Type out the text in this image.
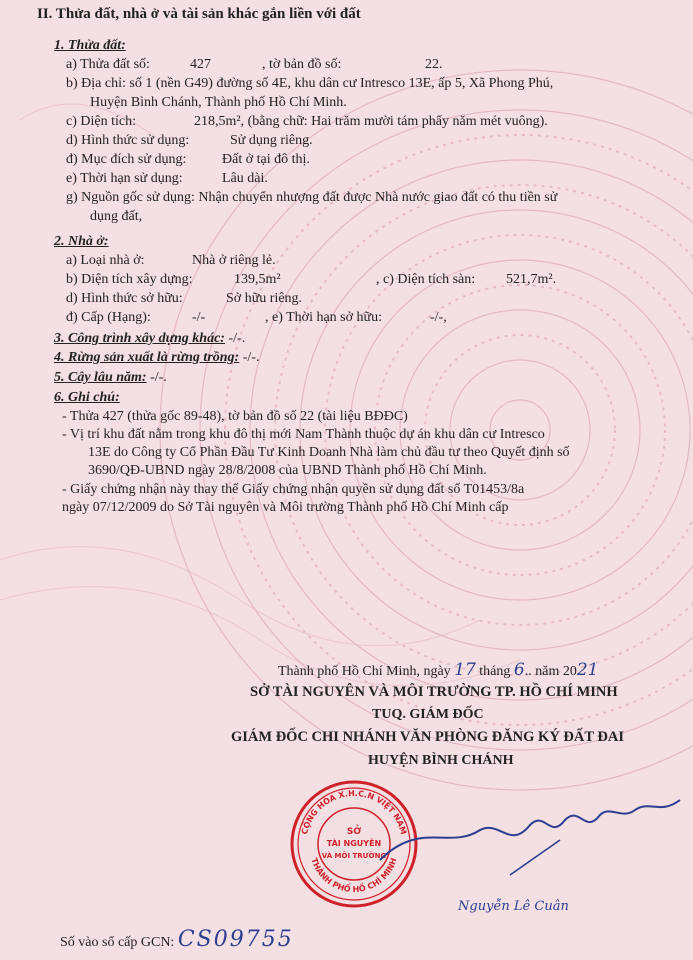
CỘNG HÒA X.H.C.N VIỆT NAM
THÀNH PHỐ HỒ CHÍ MINH
SỞ
TÀI NGUYÊN
VÀ MÔI TRƯỜNG
II. Thửa đất, nhà ở và tài sản khác gắn liền với đất
1. Thửa đất:
a) Thửa đất số:	427	, tờ bản đồ số:	22.
b) Địa chỉ: số 1 (nền G49) đường số 4E, khu dân cư Intresco 13E, ấp 5, Xã Phong Phú,
Huyện Bình Chánh, Thành phố Hồ Chí Minh.
c) Diện tích:	218,5m², (bằng chữ: Hai trăm mười tám phẩy năm mét vuông).
d) Hình thức sử dụng:	Sử dụng riêng.
đ) Mục đích sử dụng:	Đất ở tại đô thị.
e) Thời hạn sử dụng:	Lâu dài.
g) Nguồn gốc sử dụng: Nhận chuyển nhượng đất được Nhà nước giao đất có thu tiền sử
dụng đất,
2. Nhà ở:
a) Loại nhà ở:	Nhà ở riêng lẻ.
b) Diện tích xây dựng:	139,5m²	, c) Diện tích sàn: 521,7m².
d) Hình thức sở hữu:	Sở hữu riêng.
đ) Cấp (Hạng):	-/-	, e) Thời hạn sở hữu:	-/-,
3. Công trình xây dựng khác: -/-.
4. Rừng sản xuất là rừng trồng: -/-.
5. Cây lâu năm: -/-.
6. Ghi chú:
- Thửa 427 (thửa gốc 89-48), tờ bản đồ số 22 (tài liệu BĐĐC)
- Vị trí khu đất nằm trong khu đô thị mới Nam Thành thuộc dự án khu dân cư Intresco
13E do Công ty Cổ Phần Đầu Tư Kinh Doanh Nhà làm chủ đầu tư theo Quyết định số
3690/QĐ-UBND ngày 28/8/2008 của UBND Thành phố Hồ Chí Minh.
- Giấy chứng nhận này thay thế Giấy chứng nhận quyền sử dụng đất số T01453/8a
ngày 07/12/2009 do Sở Tài nguyên và Môi trường Thành phố Hồ Chí Minh cấp
Thành phố Hồ Chí Minh, ngày 17 tháng 6.. năm 2021
SỞ TÀI NGUYÊN VÀ MÔI TRƯỜNG TP. HỒ CHÍ MINH
TUQ. GIÁM ĐỐC
GIÁM ĐỐC CHI NHÁNH VĂN PHÒNG ĐĂNG KÝ ĐẤT ĐAI
HUYỆN BÌNH CHÁNH
Nguyễn Lê Cuân
Số vào sổ cấp GCN: CS09755
